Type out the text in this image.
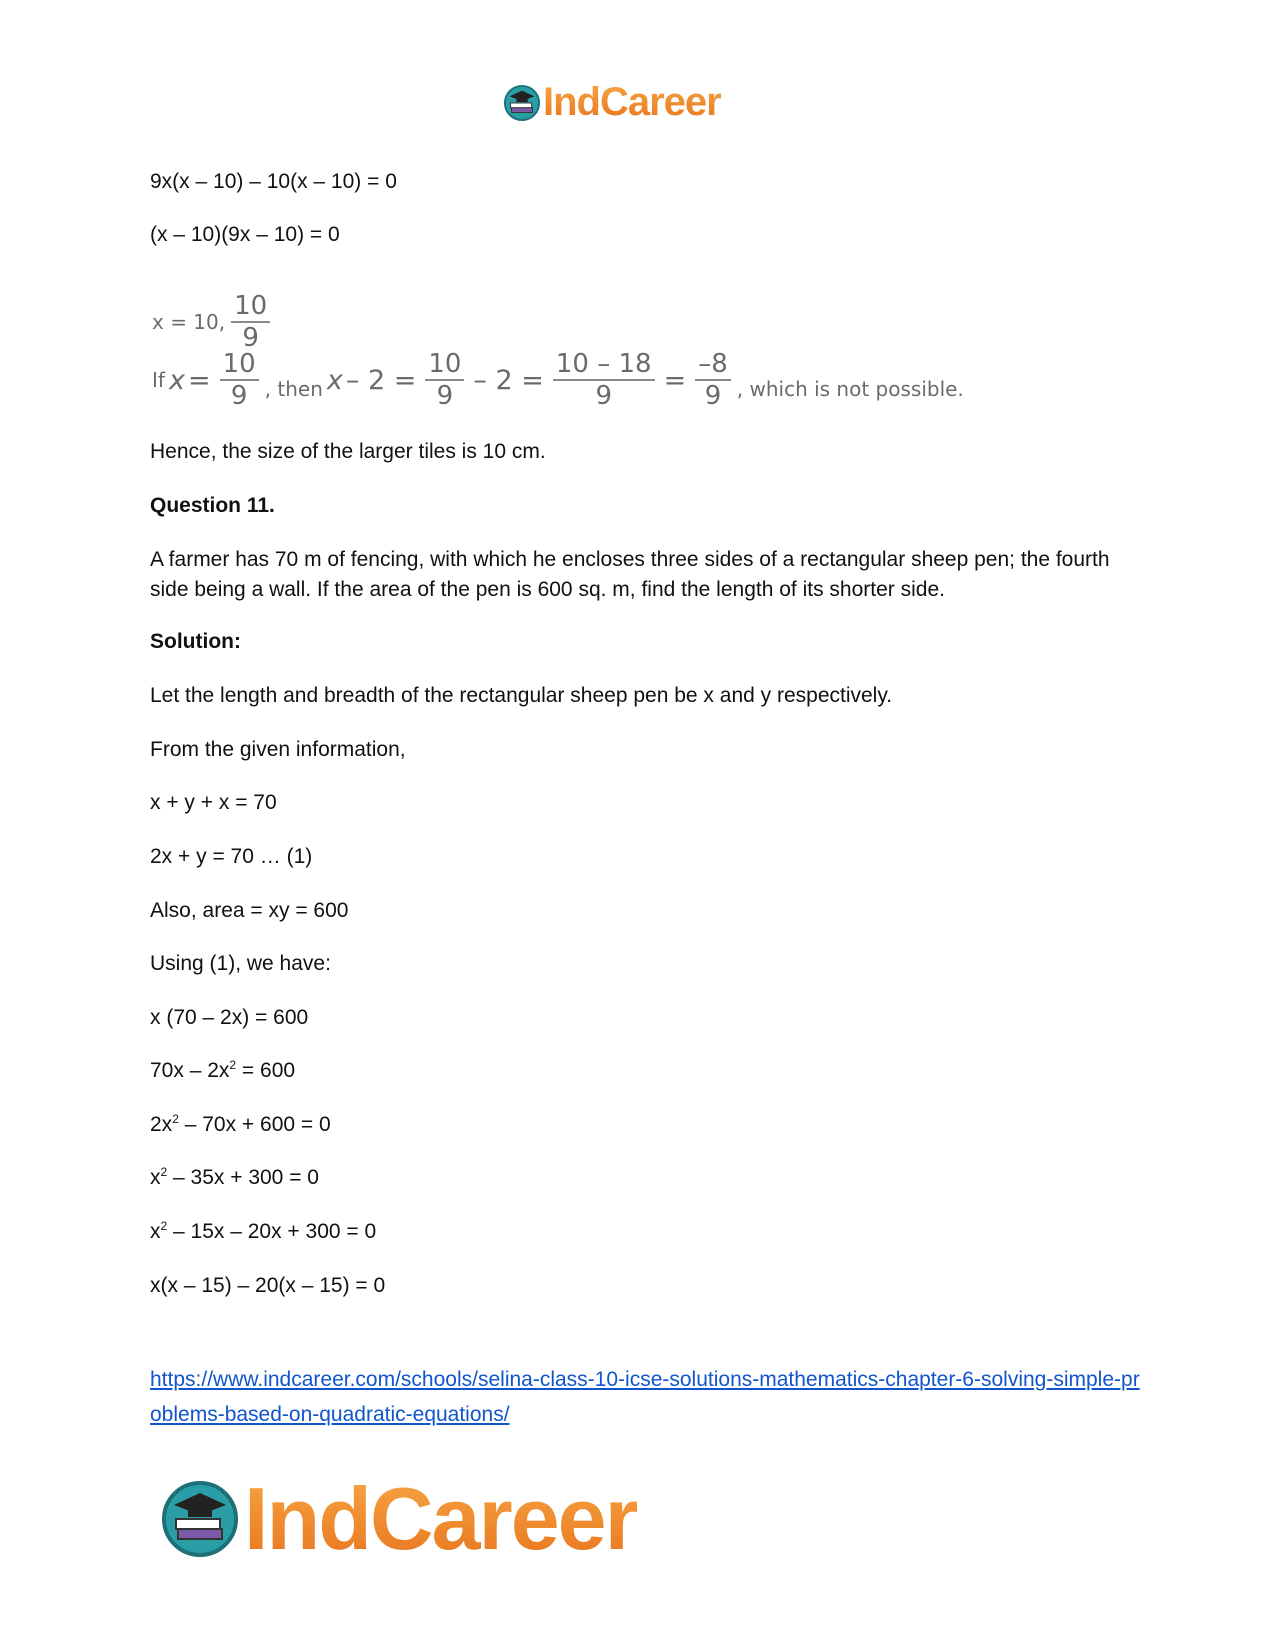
IndCareer
9x(x – 10) – 10(x – 10) = 0
(x – 10)(9x – 10) = 0
x = 10, $\frac{10}{9}$
If $x = \frac{10}{9}$ , then $x - 2 = \frac{10}{9} - 2 = \frac{10 - 18}{9} = \frac{-8}{9}$ , which is not possible.
Hence, the size of the larger tiles is 10 cm.
Question 11.
A farmer has 70 m of fencing, with which he encloses three sides of a rectangular sheep pen; the fourth side being a wall. If the area of the pen is 600 sq. m, find the length of its shorter side.
Solution:
Let the length and breadth of the rectangular sheep pen be x and y respectively.
From the given information,
x + y + x = 70
2x + y = 70 … (1)
Also, area = xy = 600
Using (1), we have:
x (70 – 2x) = 600
$70x - 2x^2 = 600$
$2x^2 - 70x + 600 = 0$
$x^2 - 35x + 300 = 0$
$x^2 - 15x - 20x + 300 = 0$
x(x – 15) – 20(x – 15) = 0
https://www.indcareer.com/schools/selina-class-10-icse-solutions-mathematics-chapter-6-solving-simple-problems-based-on-quadratic-equations/
IndCareer
